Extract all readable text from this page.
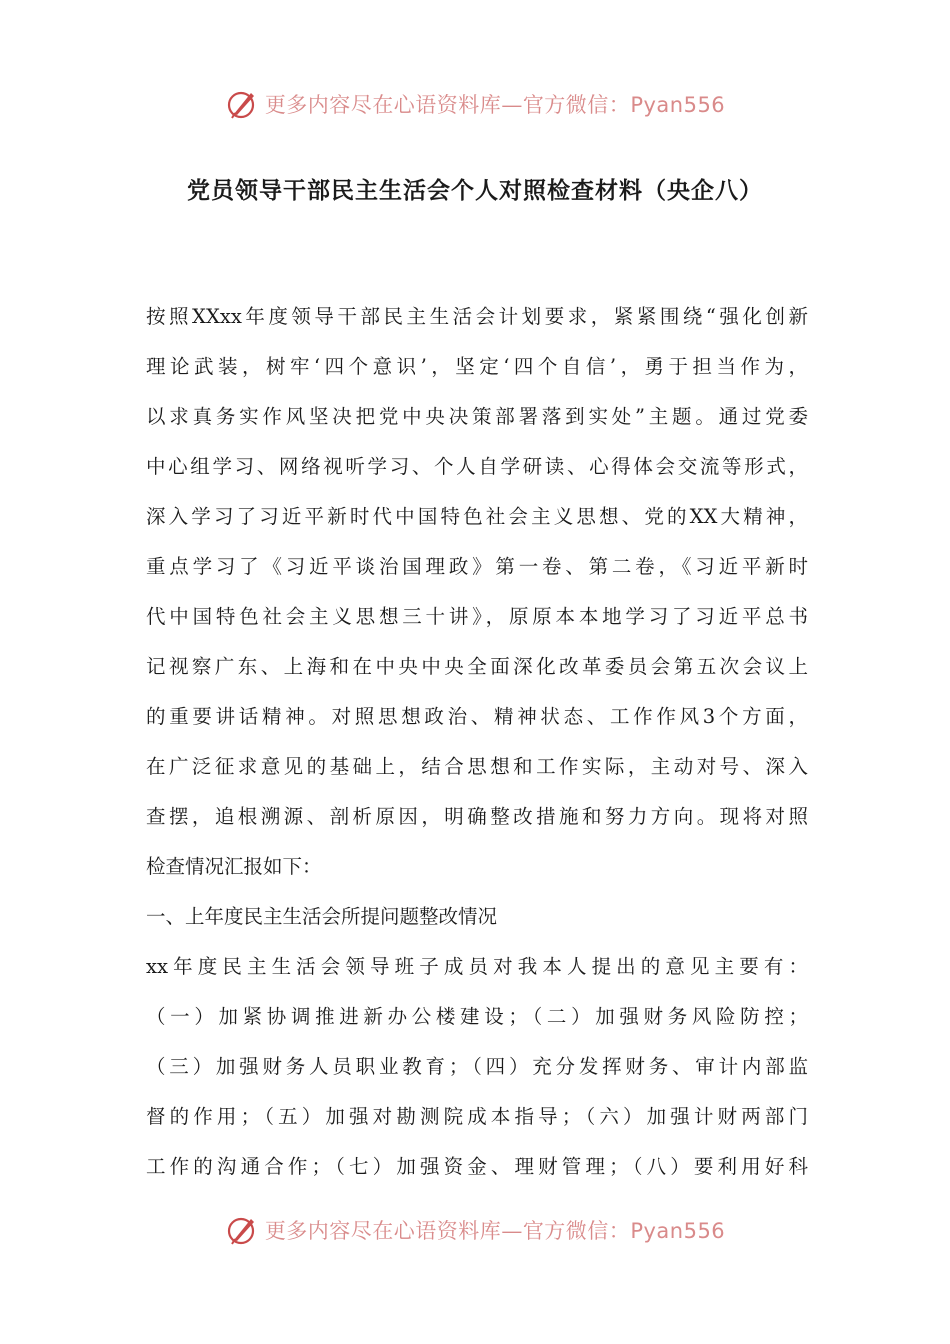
更多内容尽在心语资料库—官方微信：Pyan556
党员领导干部民主生活会个人对照检查材料（央企八）
按照XXxx年度领导干部民主生活会计划要求，紧紧围绕“强化创新
理论武装，树牢‘四个意识’，坚定‘四个自信’，勇于担当作为，
以求真务实作风坚决把党中央决策部署落到实处”主题。通过党委
中心组学习、网络视听学习、个人自学研读、心得体会交流等形式，
深入学习了习近平新时代中国特色社会主义思想、党的XX大精神，
重点学习了《习近平谈治国理政》第一卷、第二卷，《习近平新时
代中国特色社会主义思想三十讲》，原原本本地学习了习近平总书
记视察广东、上海和在中央中央全面深化改革委员会第五次会议上
的重要讲话精神。对照思想政治、精神状态、工作作风3个方面，
在广泛征求意见的基础上，结合思想和工作实际，主动对号、深入
查摆，追根溯源、剖析原因，明确整改措施和努力方向。现将对照
检查情况汇报如下：
一、上年度民主生活会所提问题整改情况
xx年度民主生活会领导班子成员对我本人提出的意见主要有：
（一）加紧协调推进新办公楼建设；（二）加强财务风险防控；
（三）加强财务人员职业教育；（四）充分发挥财务、审计内部监
督的作用；（五）加强对勘测院成本指导；（六）加强计财两部门
工作的沟通合作；（七）加强资金、理财管理；（八）要利用好科
更多内容尽在心语资料库—官方微信：Pyan556
